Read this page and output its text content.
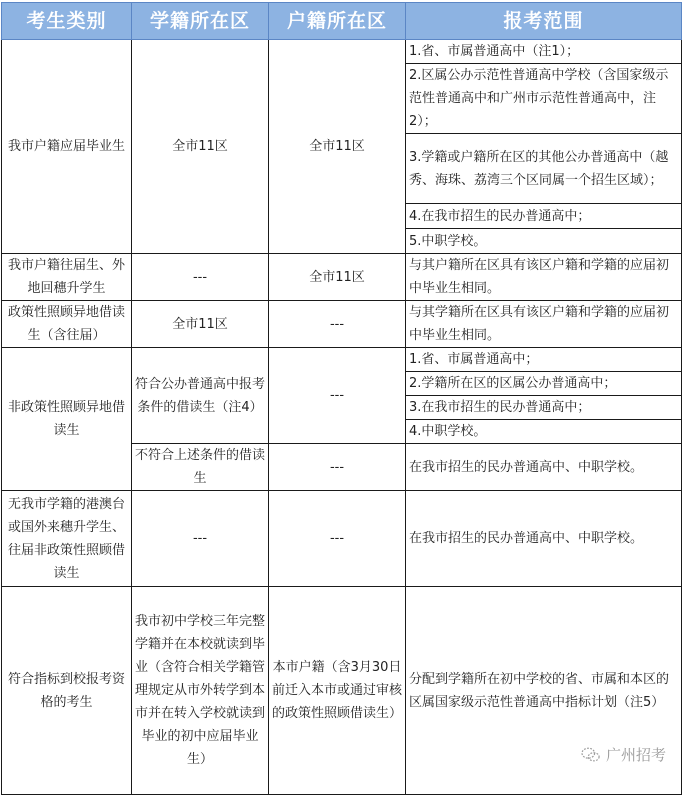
考生类别	学籍所在区	户籍所在区	报考范围
我市户籍应届毕业生	全市11区	全市11区	1.省、市属普通高中（注1）；
			2.区属公办示范性普通高中学校（含国家级示范性普通高中和广州市示范性普通高中，注2）；
			3.学籍或户籍所在区的其他公办普通高中（越秀、海珠、荔湾三个区同属一个招生区域）；
			4.在我市招生的民办普通高中；
			5.中职学校。
我市户籍往届生、外地回穗升学生	---	全市11区	与其户籍所在区具有该区户籍和学籍的应届初中毕业生相同。
政策性照顾异地借读生（含往届）	全市11区	---	与其学籍所在区具有该区户籍和学籍的应届初中毕业生相同。
非政策性照顾异地借读生	符合公办普通高中报考条件的借读生（注4）	---	1.省、市属普通高中；
			2.学籍所在区的区属公办普通高中；
			3.在我市招生的民办普通高中；
			4.中职学校。
	不符合上述条件的借读生	---	在我市招生的民办普通高中、中职学校。
无我市学籍的港澳台或国外来穗升学生、往届非政策性照顾借读生	---	---	在我市招生的民办普通高中、中职学校。
符合指标到校报考资格的考生	我市初中学校三年完整学籍并在本校就读到毕业（含符合相关学籍管理规定从市外转学到本市并在转入学校就读到毕业的初中应届毕业生）	本市户籍（含3月30日前迁入本市或通过审核的政策性照顾借读生）	分配到学籍所在初中学校的省、市属和本区的区属国家级示范性普通高中指标计划（注5）
广州招考
